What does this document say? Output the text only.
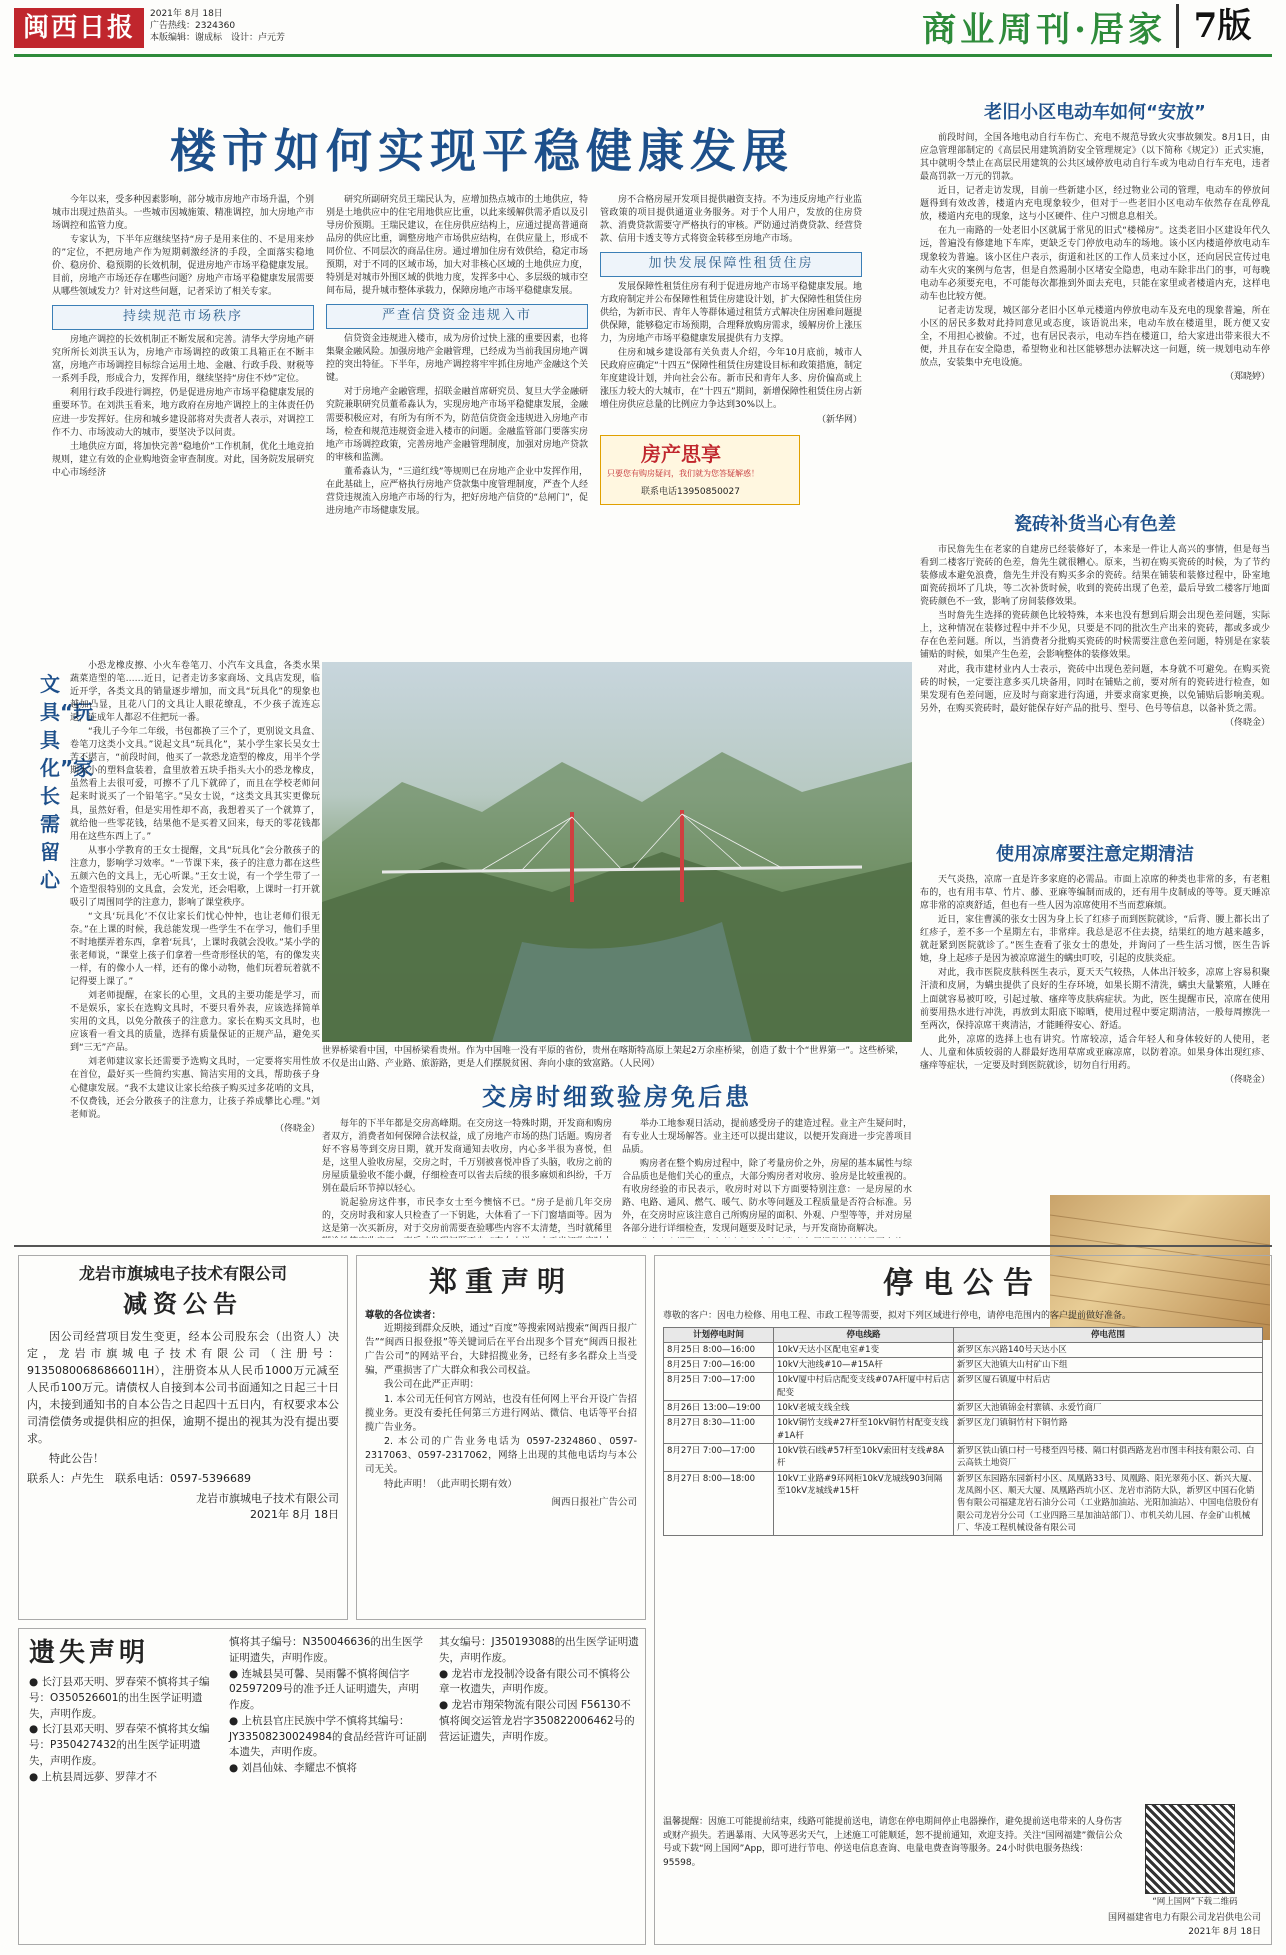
闽西日报	2021年 8月 18日
广告热线：2324360
本版编辑：谢成标　设计：卢元芳	商业周刊·居家 7版
楼市如何实现平稳健康发展

今年以来，受多种因素影响，部分城市房地产市场升温，个别城市出现过热苗头。一些城市因城施策、精准调控，加大房地产市场调控和监管力度。

专家认为，下半年应继续坚持“房子是用来住的、不是用来炒的”定位，不把房地产作为短期刺激经济的手段，全面落实稳地价、稳房价、稳预期的长效机制，促进房地产市场平稳健康发展。目前，房地产市场还存在哪些问题？房地产市场平稳健康发展需要从哪些领域发力？针对这些问题，记者采访了相关专家。

持续规范市场秩序

房地产调控的长效机制正不断发展和完善。清华大学房地产研究所所长刘洪玉认为，房地产市场调控的政策工具箱正在不断丰富，房地产市场调控目标综合运用土地、金融、行政手段、财税等一系列手段，形成合力，发挥作用，继续坚持“房住不炒”定位。

利用行政手段进行调控，仍是促进房地产市场平稳健康发展的重要环节。在刘洪玉看来，地方政府在房地产调控上的主体责任仍应进一步发挥好。住房和城乡建设部将对失责者人表示，对调控工作不力、市场波动大的城市，要坚决予以问责。

土地供应方面，将加快完善“稳地价”工作机制，优化土地竞拍规则，建立有效的企业购地资金审查制度。对此，国务院发展研究中心市场经济

研究所副研究员王瑞民认为，应增加热点城市的土地供应，特别是土地供应中的住宅用地供应比重，以此来缓解供需矛盾以及引导房价预期。王瑞民建议，在住房供应结构上，应通过提高普通商品房的供应比重，调整房地产市场供应结构，在供应量上，形成不同价位、不同层次的商品住房。通过增加住房有效供给，稳定市场预期，对于不同的区域市场，加大对非核心区域的土地供应力度，特别是对城市外围区域的供地力度，发挥多中心、多层级的城市空间布局，提升城市整体承载力，保障房地产市场平稳健康发展。

严查信贷资金违规入市

信贷资金违规进入楼市，成为房价过快上涨的重要因素，也将集聚金融风险。加强房地产金融管理，已经成为当前我国房地产调控的突出特征。下半年，房地产调控将牢牢抓住房地产金融这个关键。

对于房地产金融管理，招联金融首席研究员、复旦大学金融研究院兼职研究员董希淼认为，实现房地产市场平稳健康发展，金融需要积极应对，有所为有所不为，防范信贷资金违规进入房地产市场，检查和规范违规资金进入楼市的问题。金融监管部门要落实房地产市场调控政策，完善房地产金融管理制度，加强对房地产贷款的审核和监测。

董希淼认为，“三道红线”等规则已在房地产企业中发挥作用，在此基础上，应严格执行房地产贷款集中度管理制度，严查个人经营贷违规流入房地产市场的行为，把好房地产信贷的“总闸门”，促进房地产市场健康发展。

房不合格房屋开发项目提供融资支持。不为违反房地产行业监管政策的项目提供通道业务服务。对于个人用户，发放的住房贷款、消费贷款需要守严格执行的审核。严防通过消费贷款、经营贷款、信用卡透支等方式将资金转移至房地产市场。

加快发展保障性租赁住房

发展保障性租赁住房有利于促进房地产市场平稳健康发展。地方政府制定并公布保障性租赁住房建设计划，扩大保障性租赁住房供给，为新市民、青年人等群体通过租赁方式解决住房困难问题提供保障，能够稳定市场预期，合理释放购房需求，缓解房价上涨压力，为房地产市场平稳健康发展提供有力支撑。

住房和城乡建设部有关负责人介绍，今年10月底前，城市人民政府应确定“十四五”保障性租赁住房建设目标和政策措施，制定年度建设计划，并向社会公布。新市民和青年人多、房价偏高或上涨压力较大的大城市，在“十四五”期间，新增保障性租赁住房占新增住房供应总量的比例应力争达到30%以上。

（新华网）
房产思享
只要您有购房疑问，我们就为您答疑解惑！
联系电话13950850027
老旧小区电动车如何“安放”

前段时间，全国各地电动自行车伤亡、充电不规范导致火灾事故频发。8月1日，由应急管理部制定的《高层民用建筑消防安全管理规定》（以下简称《规定》）正式实施，其中就明令禁止在高层民用建筑的公共区域停放电动自行车或为电动自行车充电，违者最高罚款一万元的罚款。

近日，记者走访发现，目前一些新建小区，经过物业公司的管理，电动车的停放问题得到有效改善，楼道内充电现象较少，但对于一些老旧小区电动车依然存在乱停乱放，楼道内充电的现象，这与小区硬件、住户习惯息息相关。

在九一南路的一处老旧小区就属于常见的旧式“楼梯房”。这类老旧小区建设年代久远，普遍没有修建地下车库，更缺乏专门停放电动车的场地。该小区内楼道停放电动车现象较为普遍。该小区住户表示，街道和社区的工作人员来过小区，还向居民宣传过电动车火灾的案例与危害，但是自然遏制小区堵安全隐患，电动车除非出门的事，可每晚电动车必须要充电，不可能每次都推到外面去充电，只能在家里或者楼道内充，这样电动车也比较方便。

记者走访发现，城区部分老旧小区单元楼道内停放电动车及充电的现象普遍，所在小区的居民多数对此持同意见或态度，该语说出来，电动车放在楼道里，既方便又安全，不用担心被偷。不过，也有居民表示，电动车挡在楼道口，给大家进出带来很大不便，并且存在安全隐患，希望物业和社区能够想办法解决这一问题，统一规划电动车停放点，安装集中充电设施。

（郑晓婷）
瓷砖补货当心有色差

市民詹先生在老家的自建房已经装修好了，本来是一件让人高兴的事情，但是每当看到二楼客厅瓷砖的色差，詹先生就很糟心。原来，当初在购买瓷砖的时候，为了节约装修成本避免浪费，詹先生并没有购买多余的瓷砖。结果在铺装和装修过程中，卧室地面瓷砖损坏了几块，等二次补货时候，收到的瓷砖出现了色差，最后导致二楼客厅地面瓷砖颜色不一致，影响了房间装修效果。

当时詹先生选择的瓷砖颜色比较特殊，本来也没有想到后期会出现色差问题，实际上，这种情况在装修过程中并不少见，只要是不同的批次生产出来的瓷砖，都或多或少存在色差问题。所以，当消费者分批购买瓷砖的时候需要注意色差问题，特别是在家装铺贴的时候，如果产生色差，会影响整体的装修效果。

对此，我市建材业内人士表示，瓷砖中出现色差问题，本身就不可避免。在购买瓷砖的时候，一定要注意多买几块备用，同时在铺贴之前，要对所有的瓷砖进行检查，如果发现有色差问题，应及时与商家进行沟通，并要求商家更换，以免铺贴后影响美观。另外，在购买瓷砖时，最好能保存好产品的批号、型号、色号等信息，以备补货之需。

（佟晓金）
使用凉席要注意定期清洁

天气炎热，凉席一直是许多家庭的必需品。市面上凉席的种类也非常的多，有老粗布的，也有用韦草、竹片、藤、亚麻等编制而成的，还有用牛皮制成的等等。夏天睡凉席非常的凉爽舒适，但也有一些人因为凉席使用不当而惹麻烦。

近日，家住曹溪的张女士因为身上长了红疹子而到医院就诊，“后背、腰上都长出了红疹子，差不多一个星期左右，非常痒。我总是忍不住去挠，结果红的地方越来越多，就赶紧到医院就诊了。”医生查看了张女士的患处，并询问了一些生活习惯，医生告诉她，身上起疹子是因为被凉席滋生的螨虫叮咬，引起的皮肤炎症。

对此，我市医院皮肤科医生表示，夏天天气较热，人体出汗较多，凉席上容易积聚汗渍和皮屑，为螨虫提供了良好的生存环境，如果长期不清洗，螨虫大量繁殖，人睡在上面就容易被叮咬，引起过敏、瘙痒等皮肤病症状。为此，医生提醒市民，凉席在使用前要用热水进行冲洗，再放到太阳底下晾晒，使用过程中要定期清洁，一般每周擦洗一至两次，保持凉席干爽清洁，才能睡得安心、舒适。

此外，凉席的选择上也有讲究。竹席较凉，适合年轻人和身体较好的人使用，老人、儿童和体质较弱的人群最好选用草席或亚麻凉席，以防着凉。如果身体出现红疹、瘙痒等症状，一定要及时到医院就诊，切勿自行用药。

（佟晓金）
文具“玩具化”家长需留心

小恐龙橡皮擦、小火车卷笔刀、小汽车文具盒，各类水果蔬菜造型的笔……近日，记者走访多家商场、文具店发现，临近开学，各类文具的销量逐步增加，而文具“玩具化”的现象也越加凸显，且花八门的文具让人眼花缭乱，不少孩子流连忘返，连成年人都忍不住把玩一番。

“我儿子今年二年级，书包都换了三个了，更别说文具盒、卷笔刀这类小文具。”说起文具“玩具化”，某小学生家长吴女士苦不堪言，“前段时间，他买了一款恐龙造型的橡皮，用半个学期大小的塑料盒装着，盒里放着五块手指头大小的恐龙橡皮，虽然看上去很可爱，可擦不了几下就碎了，而且在学校老师问起来时说买了一个铅笔字。”吴女士说，“这类文具其实更像玩具，虽然好看，但是实用性却不高，我想着买了一个就算了，就给他一些零花钱，结果他不是买着又回来，每天的零花钱都用在这些东西上了。”

从事小学教育的王女士提醒，文具“玩具化”会分散孩子的注意力，影响学习效率。“一节课下来，孩子的注意力都在这些五颜六色的文具上，无心听课。”王女士说，有一个学生带了一个造型很特别的文具盒，会发光，还会唱歌，上课时一打开就吸引了周围同学的注意力，影响了课堂秩序。

“文具‘玩具化’不仅让家长们忧心忡忡，也让老师们很无奈。”在上课的时候，我总能发现一些学生不在学习，他们手里不时地摆弄着东西，拿着‘玩具’，上课时我就会没收。”某小学的张老师说，“课堂上孩子们拿着一些奇形怪状的笔，有的像发夹一样，有的像小人一样，还有的像小动物，他们玩着玩着就不记得要上课了。”

刘老师提醒，在家长的心里，文具的主要功能是学习，而不是娱乐，家长在选购文具时，不要只看外表，应该选择简单实用的文具，以免分散孩子的注意力。家长在购买文具时，也应该看一看文具的质量，选择有质量保证的正规产品，避免买到“三无”产品。

刘老师建议家长还需要予选购文具时，一定要将实用性放在首位，最好买一些简约实惠、简洁实用的文具，帮助孩子身心健康发展。“我不太建议让家长给孩子购买过多花哨的文具，不仅费钱，还会分散孩子的注意力，让孩子养成攀比心理。”刘老师说。

（佟晓金）
世界桥梁看中国，中国桥梁看贵州。作为中国唯一没有平原的省份，贵州在喀斯特高原上架起2万余座桥梁，创造了数十个“世界第一”。这些桥梁，不仅是出山路、产业路、旅游路，更是人们摆脱贫困、奔向小康的致富路。（人民网）
交房时细致验房免后患

每年的下半年都是交房高峰期。在交房这一特殊时期，开发商和购房者双方，消费者如何保障合法权益，成了房地产市场的热门话题。购房者好不容易等到交房日期，就开发商通知去收房，内心多半很为喜悦，但是，这里人验收房屋，交房之时，千万别被喜悦冲昏了头脑，收房之前的房屋质量验收不能小觑，仔细检查可以省去后续的很多麻烦和纠纷，千万别在最后环节掉以轻心。

说起验房这件事，市民李女士至今懊恼不已。“房子是前几年交房的，交房时我和家人只检查了一下钥匙，大体看了一下门窗墙面等。因为这是第一次买新房，对于交房前需要查验哪些内容不太清楚，当时就稀里

举办工地参观日活动，提前感受房子的建造过程。业主产生疑问时，有专业人士现场解答。业主还可以提出建议，以便开发商进一步完善项目品质。

购房者在整个购房过程中，除了考量房价之外，房屋的基本属性与综合品质也是他们关心的重点，大部分购房者对收房、验房是比较重视的。有收房经验的市民表示，收房时对以下方面要特别注意：一是房屋的水路、电路、通风、燃气、暖气、防水等问题及工程质量是否符合标准。另外，在交房时应该注意自己所购房屋的面积、外观、户型等等，并对房屋各部分进行详细检查，发现问题要及时记录，与开发商协商解决。

龙岩市旗城电子技术有限公司
减资公告
因公司经营项目发生变更，经本公司股东会（出资人）决定，龙岩市旗城电子技术有限公司（注册号：91350800686866011H），注册资本从人民币1000万元减至人民币100万元。请债权人自接到本公司书面通知之日起三十日内，未接到通知书的自本公告之日起四十五日内，有权要求本公司清偿债务或提供相应的担保，逾期不提出的视其为没有提出要求。
特此公告！
联系人：卢先生　联系电话：0597-5396689
龙岩市旗城电子技术有限公司
2021年 8月 18日
郑重声明
尊敬的各位读者：

近期接到群众反映，通过“百度”等搜索网站搜索“闽西日报广告”“闽西日报登报”等关键词后在平台出现多个冒充“闽西日报社广告公司”的网站平台，大肆招揽业务，已经有多名群众上当受骗，严重损害了广大群众和我公司权益。

我公司在此严正声明：

1. 本公司无任何官方网站，也没有任何网上平台开设广告招揽业务。更没有委托任何第三方进行网站、微信、电话等平台招揽广告业务。

2. 本公司的广告业务电话为 0597-2324860、0597-2317063、0597-2317062，网络上出现的其他电话均与本公司无关。

特此声明！（此声明长期有效）

闽西日报社广告公司
停电公告
尊敬的客户：因电力检修、用电工程、市政工程等需要，拟对下列区域进行停电，请停电范围内的客户提前做好准备。
计划停电时间	停电线路	停电范围
8月25日 8:00—16:00	10kV天达小区配电室#1变	新罗区东兴路140号天达小区
8月25日 7:00—16:00	10kV大池线#10—#15A杆	新罗区大池镇大山村矿山下组
8月25日 7:00—17:00	10kV厦中村后店配变支线#07A杆厦中村后店配变	新罗区厦石镇厦中村后店
8月26日 13:00—19:00	10kV老城支线全线	新罗区大池镇锦金村寨镇、永爱竹商厂
8月27日 8:30—11:00	10kV铜竹支线#27杆至10kV铜竹村配变支线#1A杆	新罗区龙门镇铜竹村下铜竹路
8月27日 7:00—17:00	10kV铁石I线#57杆至10kV索田村支线#8A杆	新罗区铁山镇口村一号楼至四号楼、隔口村俱西路龙岩市图丰科技有限公司、白云高铁土地资厂
8月27日 8:00—18:00	10kV工业路#9环网柜10kV龙城线903间隔至10kV龙城线#15杆	新罗区东园路东园新村小区、凤凰路33号、凤凰路、阳光翠苑小区、新兴大厦、龙凤阁小区、顺天大厦、凤凰路西坑小区、龙岩市消防大队，新罗区中国石化销售有限公司福建龙岩石油分公司（工业路加油站、光阳加油站）、中国电信股份有限公司龙岩分公司（工业四路三星加油站部门）、市机关幼儿园、存金矿山机械厂、华凌工程机械设备有限公司
温馨提醒：因施工可能提前结束，线路可能提前送电，请您在停电期间停止电器操作，避免提前送电带来的人身伤害或财产损失。若遇暴雨、大风等恶劣天气，上述施工可能顺延，恕不提前通知，欢迎支持。关注“国网福建”微信公众号或下载“网上国网”App，即可进行节电、停送电信息查询、电量电费查询等服务。24小时供电服务热线：95598。
“网上国网”下载二维码
国网福建省电力有限公司龙岩供电公司
2021年 8月 18日
遗失声明
● 长汀县邓天明、罗春荣不慎将其子编号：O350526601的出生医学证明遗失，声明作废。
● 长汀县邓天明、罗春荣不慎将其女编号：P350427432的出生医学证明遗失，声明作废。
● 上杭县周远夢、罗萍才不
慎将其子编号：N350046636的出生医学证明遗失，声明作废。
● 连城县吴可馨、吴雨馨不慎将闽信字02597209号的准予迁人证明遗失，声明作废。
● 上杭县官庄民族中学不慎将其编号：JY33508230024984的食品经营许可证副本遗失，声明作废。
● 刘昌仙妹、李耀忠不慎将
其女编号：J350193088的出生医学证明遗失，声明作废。
● 龙岩市龙投制冷设备有限公司不慎将公章一枚遗失，声明作废。
● 龙岩市翔荣物流有限公司因 F56130不慎将闽交运管龙岩字350822006462号的营运证遗失，声明作废。
